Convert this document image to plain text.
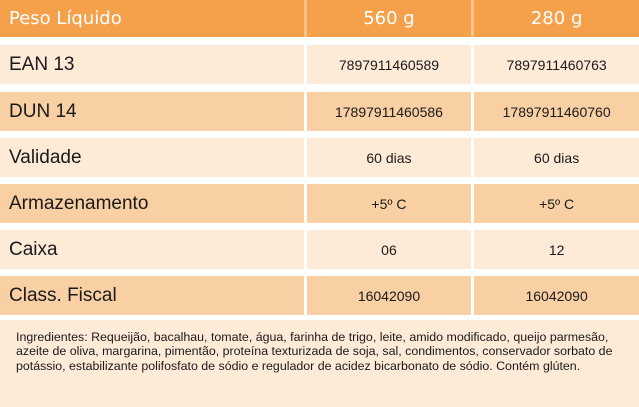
Peso Líquido	560 g	280 g
EAN 13	7897911460589	7897911460763
DUN 14	17897911460586	17897911460760
Validade	60 dias	60 dias
Armazenamento	+5º C	+5º C
Caixa	06	12
Class. Fiscal	16042090	16042090
Ingredientes: Requeijão, bacalhau, tomate, água, farinha de trigo, leite, amido modificado, queijo parmesão, azeite de oliva, margarina, pimentão, proteína texturizada de soja, sal, condimentos, conservador sorbato de potássio, estabilizante polifosfato de sódio e regulador de acidez bicarbonato de sódio. Contém glúten.
